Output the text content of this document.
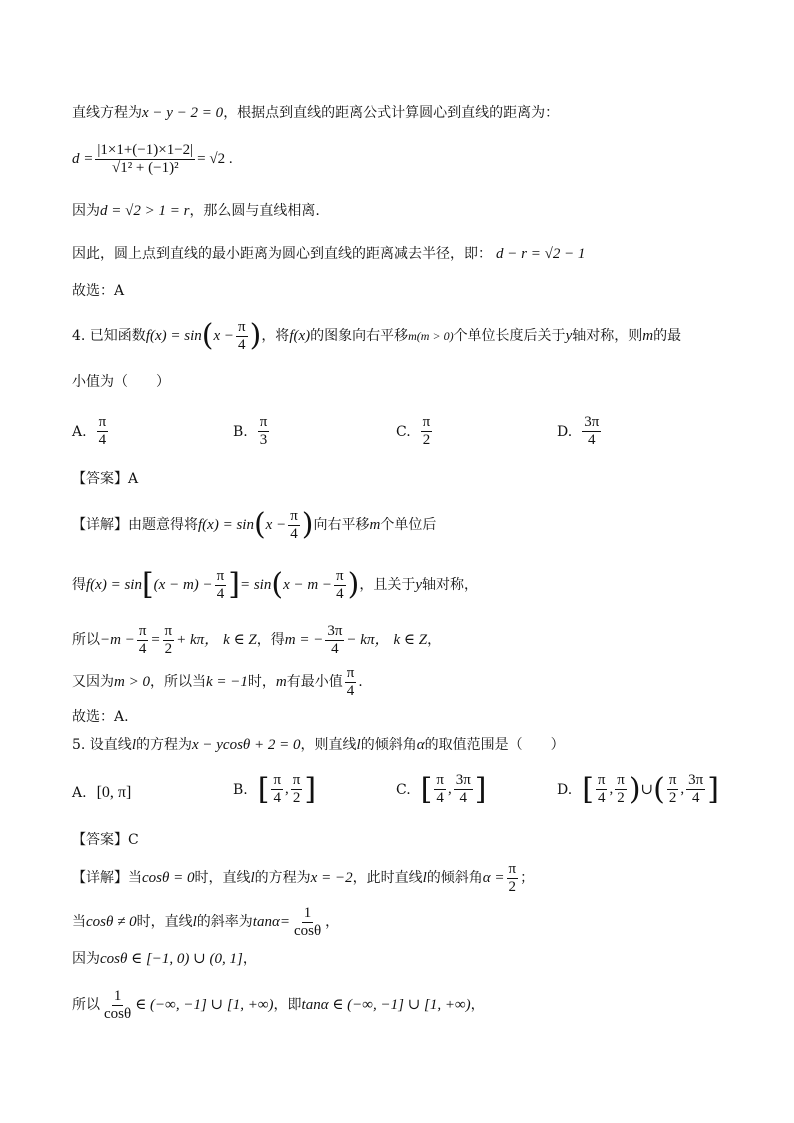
直线方程为 x − y − 2 = 0 ，根据点到直线的距离公式计算圆心到直线的距离为：
$d = \frac{|1\times 1+(-1)\times 1-2|}{\text{√1² + (−1)²}} = √2$ .
因为 d = √2 > 1 = r ，那么圆与直线相离.
因此，圆上点到直线的最小距离为圆心到直线的距离减去半径，即： d − r = √2 − 1
故选：A
4. 已知函数 f(x) = sin ( $x - \frac{\pi}{4}$ ) ，将 f(x) 的图象向右平移 m(m > 0) 个单位长度后关于 y 轴对称，则 m 的最
小值为（　　）
A. $\frac{\pi}{4}$	B. $\frac{\pi}{3}$	C. $\frac{\pi}{2}$	D. $\frac{3\pi}{4}$
【答案】 A
【详解】 由题意得将 f(x) = sin ( $x - \frac{\pi}{4}$ ) 向右平移 m 个单位后
得 f(x) = sin [ $(x - m) - \frac{\pi}{4}$ ] = sin ( $x - m - \frac{\pi}{4}$ ) ，且关于 y 轴对称，
所以 $-m - \frac{\pi}{4} = \frac{\pi}{2} + k\pi$， k ∈ Z ，得 m = − $\frac{3\pi}{4} - k\pi$， k ∈ Z ，
又因为 m > 0 ，所以当 k = −1 时， m 有最小值 $\frac{\pi}{4}$ .
故选：A.
5. 设直线 l 的方程为 x − ycosθ + 2 = 0 ，则直线 l 的倾斜角 α 的取值范围是（　　）
A. [0, π]	B. [ $\frac{\pi}{4}$ , $\frac{\pi}{2}$ ]	C. [ $\frac{\pi}{4}$ , $\frac{3\pi}{4}$ ]	D. [ $\frac{\pi}{4}$ , $\frac{\pi}{2}$ ) ∪ ( $\frac{\pi}{2}$ , $\frac{3\pi}{4}$ ]
【答案】 C
【详解】 当 cosθ = 0 时，直线 l 的方程为 x = −2 ，此时直线 l 的倾斜角 $\alpha = \frac{\pi}{2}$ ；
当 cosθ ≠ 0 时，直线 l 的斜率为 $\tan\alpha= \frac{1}{\cos\theta}$ ，
因为 cosθ ∈ [−1, 0) ∪ (0, 1] ，
所以 $\frac{1}{\cos\theta}$ ∈ (−∞, −1] ∪ [1, +∞) ，即 tanα ∈ (−∞, −1] ∪ [1, +∞) ，
